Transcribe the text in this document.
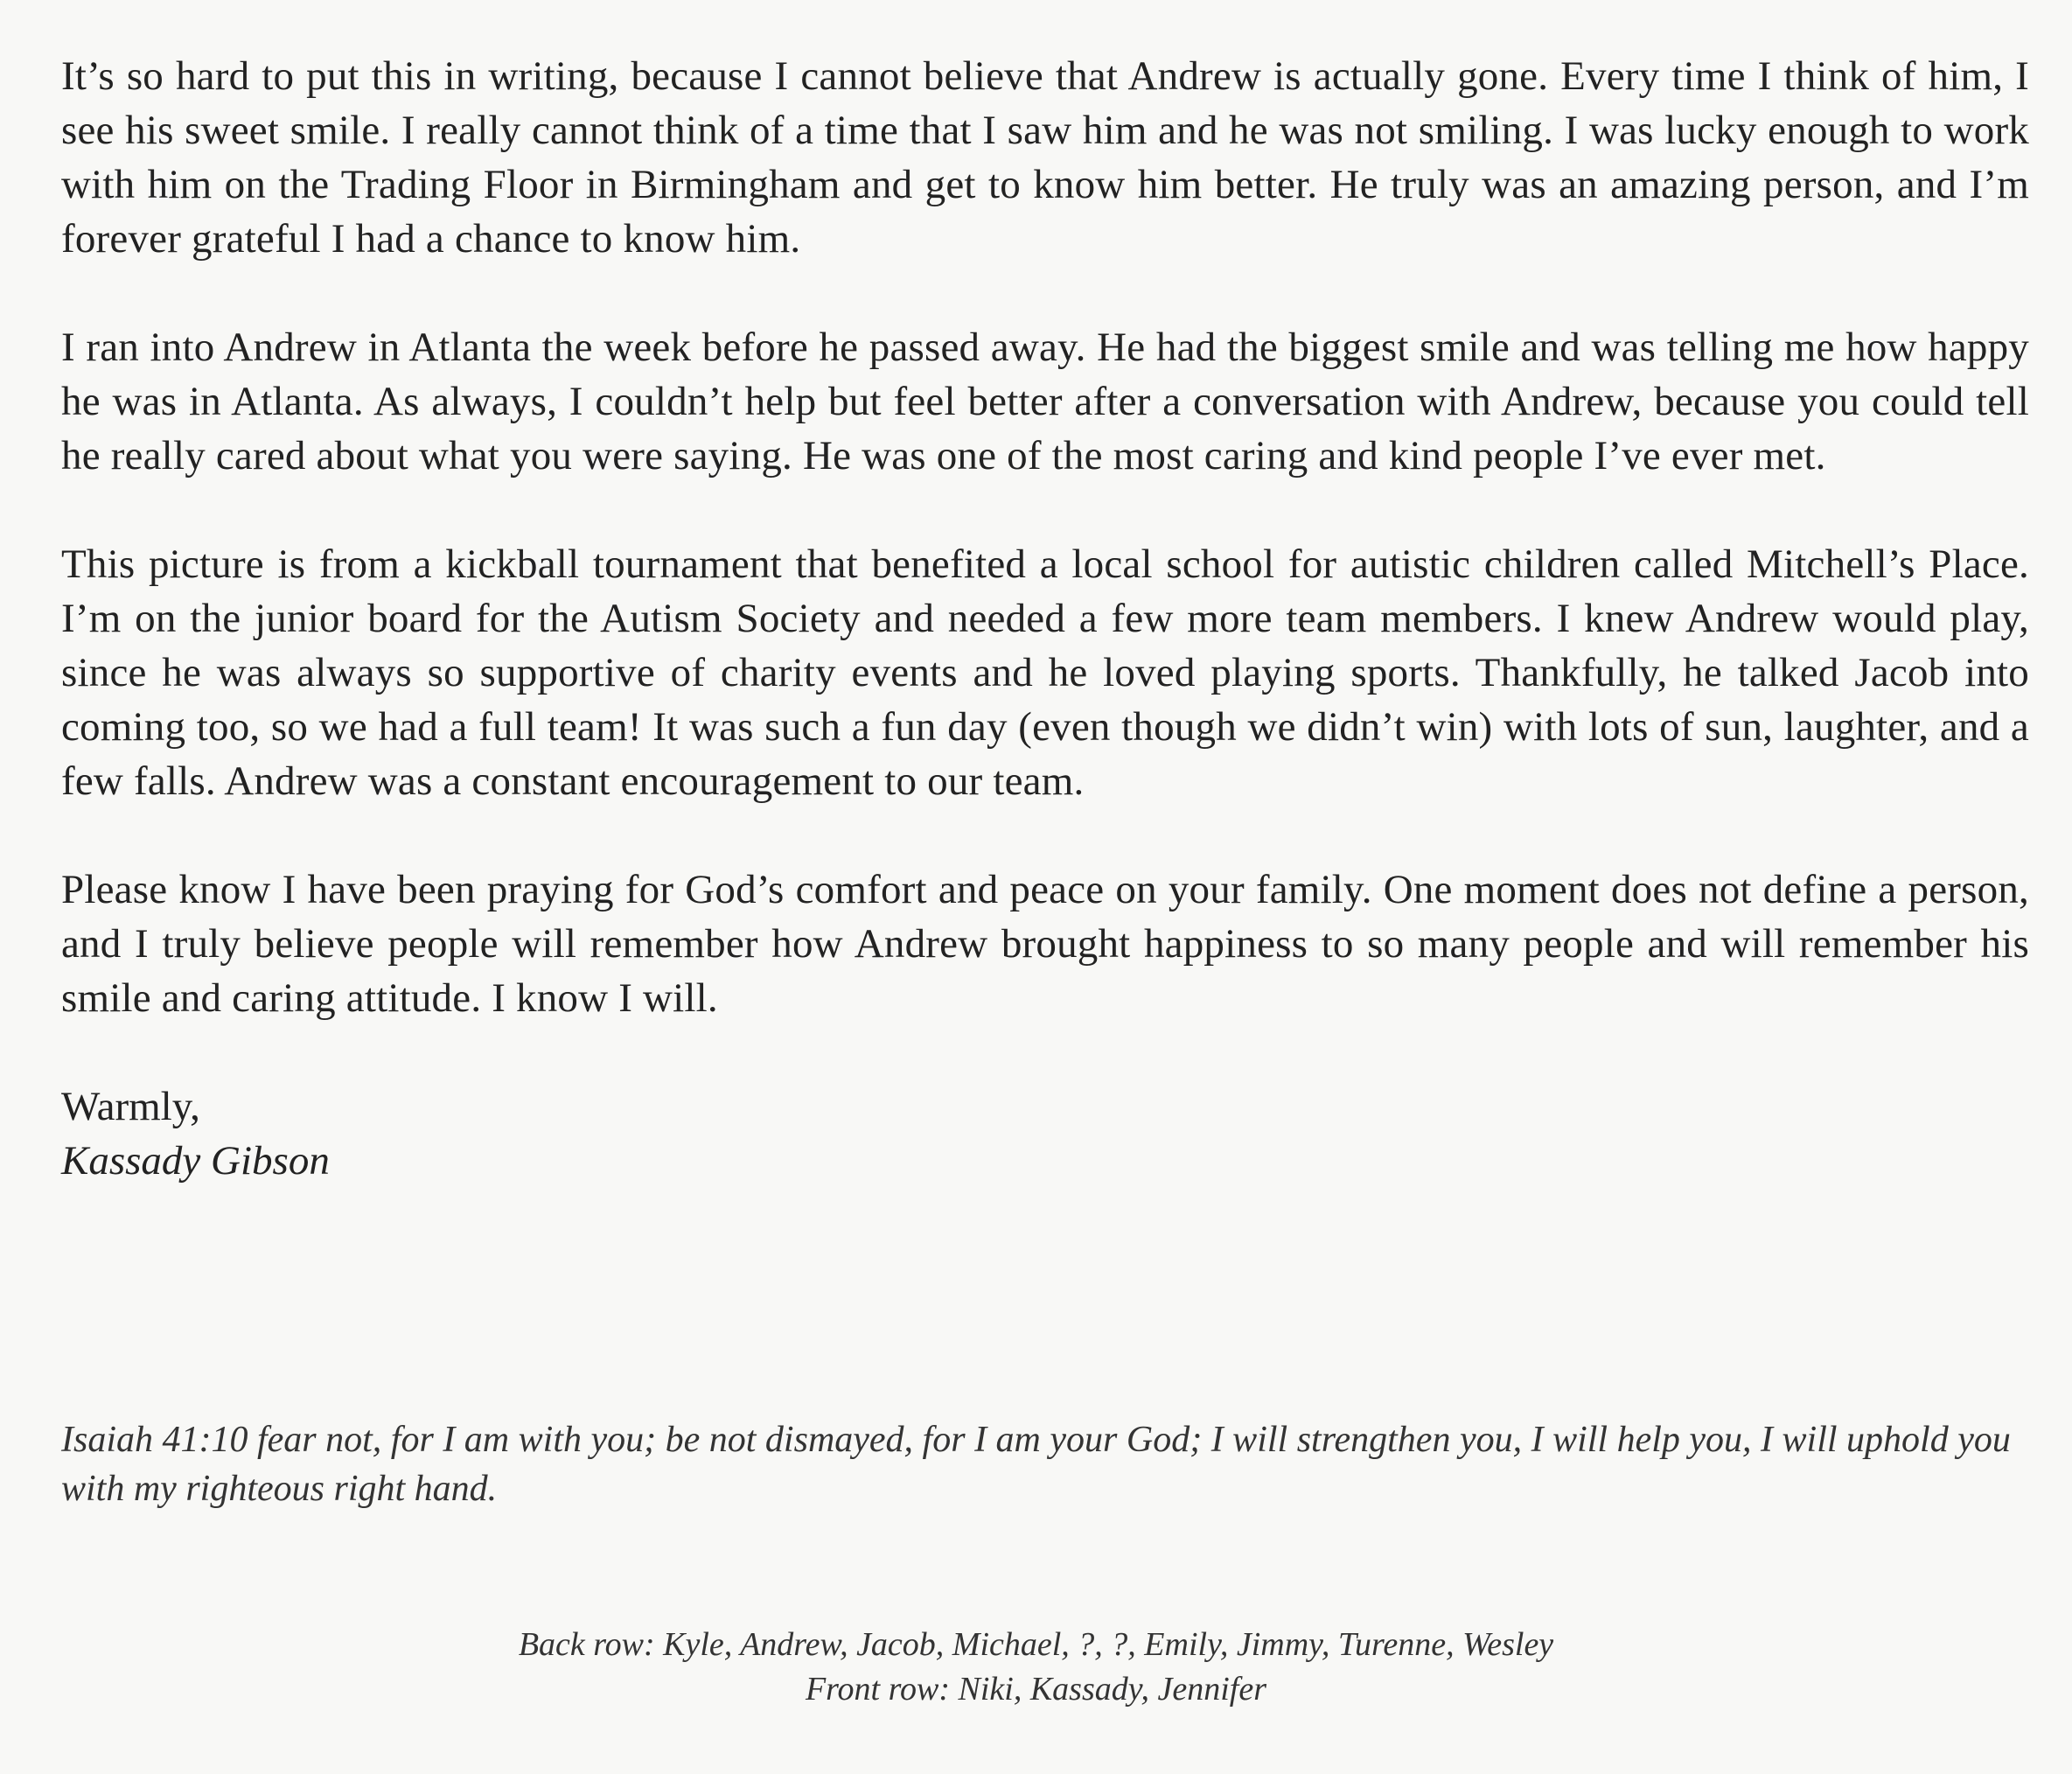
It’s so hard to put this in writing, because I cannot believe that Andrew is actually gone. Every time I think of him, I see his sweet smile. I really cannot think of a time that I saw him and he was not smiling. I was lucky enough to work with him on the Trading Floor in Birmingham and get to know him better. He truly was an amazing person, and I’m forever grateful I had a chance to know him.

I ran into Andrew in Atlanta the week before he passed away. He had the biggest smile and was telling me how happy he was in Atlanta. As always, I couldn’t help but feel better after a conversation with Andrew, because you could tell he really cared about what you were saying. He was one of the most caring and kind people I’ve ever met.

This picture is from a kickball tournament that benefited a local school for autistic children called Mitchell’s Place. I’m on the junior board for the Autism Society and needed a few more team members. I knew Andrew would play, since he was always so supportive of charity events and he loved playing sports. Thankfully, he talked Jacob into coming too, so we had a full team! It was such a fun day (even though we didn’t win) with lots of sun, laughter, and a few falls. Andrew was a constant encouragement to our team.

Please know I have been praying for God’s comfort and peace on your family. One moment does not define a person, and I truly believe people will remember how Andrew brought happiness to so many people and will remember his smile and caring attitude. I know I will.

Warmly,
Kassady Gibson

Isaiah 41:10 fear not, for I am with you; be not dismayed, for I am your God; I will strengthen you, I will help you, I will uphold you with my righteous right hand.

Back row: Kyle, Andrew, Jacob, Michael, ?, ?, Emily, Jimmy, Turenne, Wesley
Front row: Niki, Kassady, Jennifer
